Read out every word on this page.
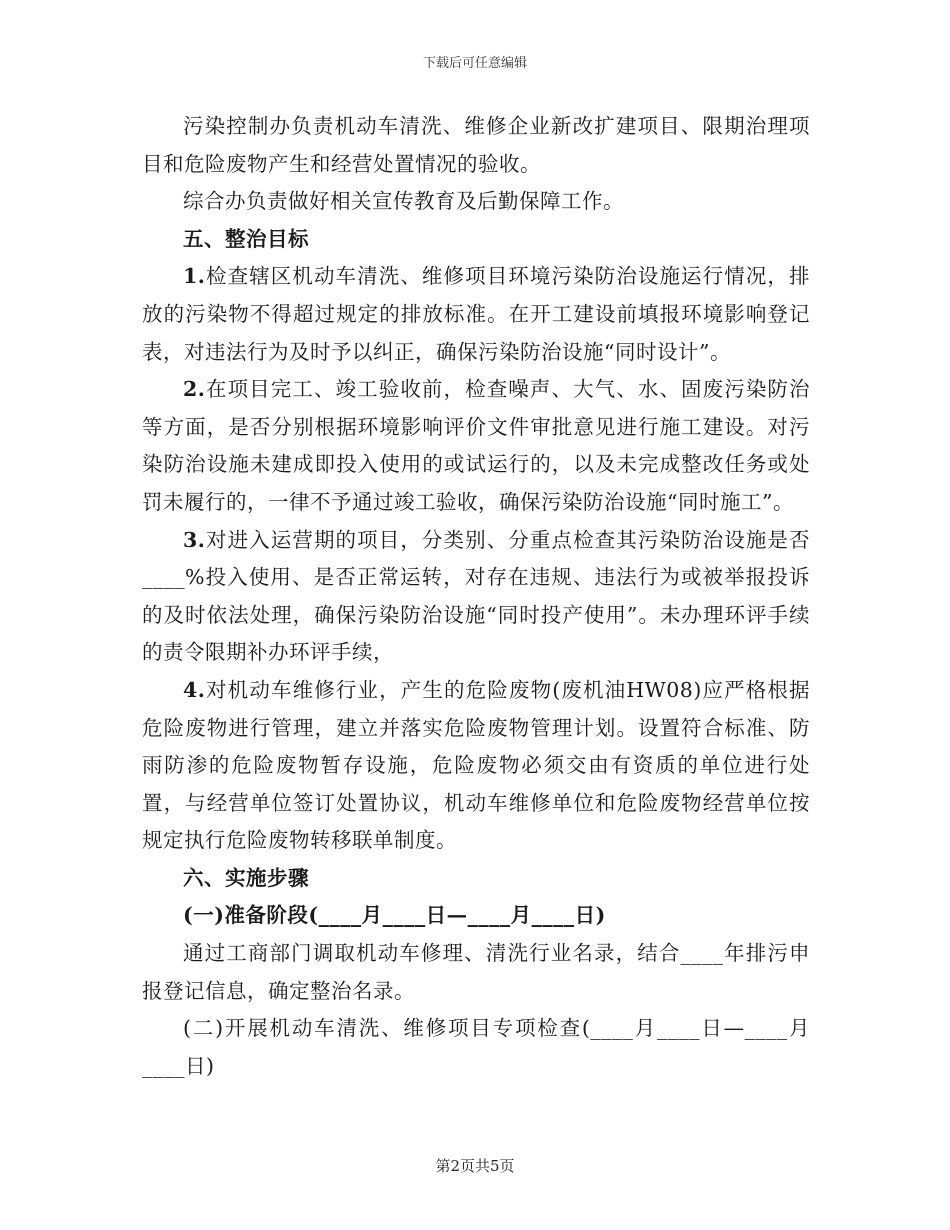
下载后可任意编辑

污染控制办负责机动车清洗、维修企业新改扩建项目、限期治理项目和危险废物产生和经营处置情况的验收。

综合办负责做好相关宣传教育及后勤保障工作。

五、整治目标

1.检查辖区机动车清洗、维修项目环境污染防治设施运行情况，排放的污染物不得超过规定的排放标准。在开工建设前填报环境影响登记表，对违法行为及时予以纠正，确保污染防治设施“同时设计”。

2.在项目完工、竣工验收前，检查噪声、大气、水、固废污染防治等方面，是否分别根据环境影响评价文件审批意见进行施工建设。对污染防治设施未建成即投入使用的或试运行的，以及未完成整改任务或处罚未履行的，一律不予通过竣工验收，确保污染防治设施“同时施工”。

3.对进入运营期的项目，分类别、分重点检查其污染防治设施是否____%投入使用、是否正常运转，对存在违规、违法行为或被举报投诉的及时依法处理，确保污染防治设施“同时投产使用”。未办理环评手续的责令限期补办环评手续，

4.对机动车维修行业，产生的危险废物(废机油HW08)应严格根据危险废物进行管理，建立并落实危险废物管理计划。设置符合标准、防雨防渗的危险废物暂存设施，危险废物必须交由有资质的单位进行处置，与经营单位签订处置协议，机动车维修单位和危险废物经营单位按规定执行危险废物转移联单制度。

六、实施步骤

(一)准备阶段(____月____日—____月____日)

通过工商部门调取机动车修理、清洗行业名录，结合____年排污申报登记信息，确定整治名录。

(二)开展机动车清洗、维修项目专项检查(____月____日—____月____日)

第2页共5页
